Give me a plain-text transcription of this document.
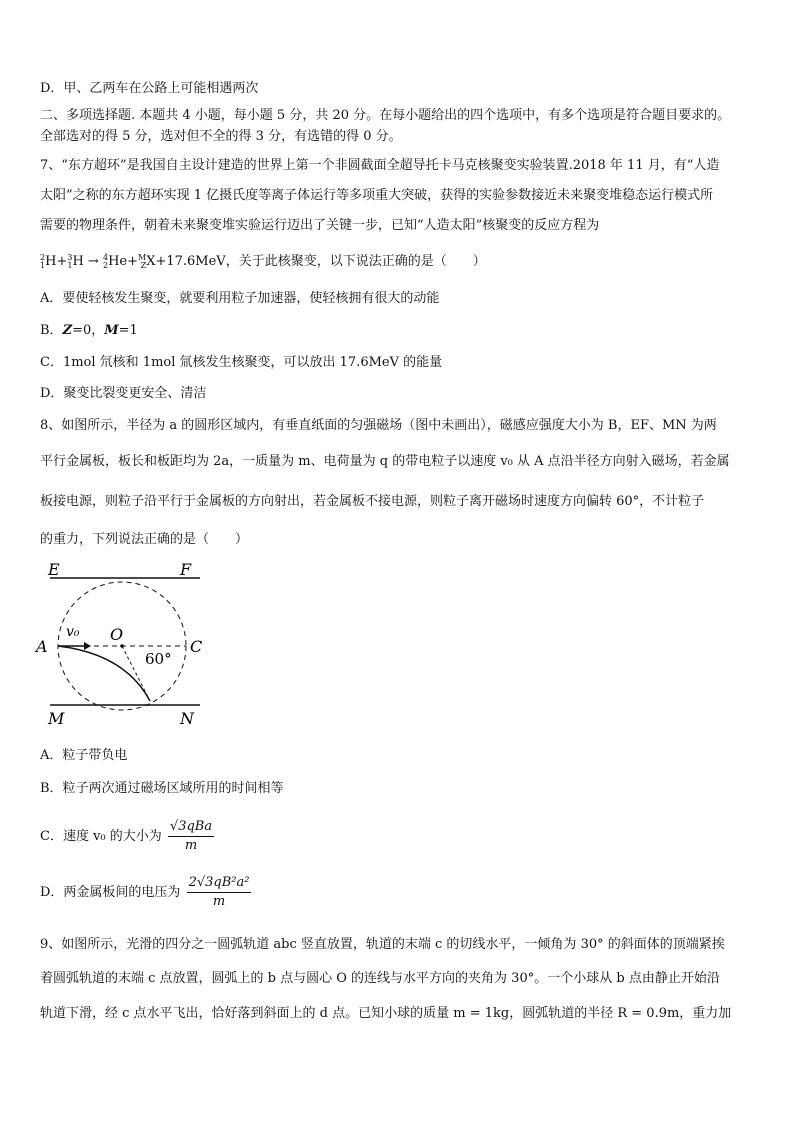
D．甲、乙两车在公路上可能相遇两次
二、多项选择题. 本题共 4 小题，每小题 5 分，共 20 分。在每小题给出的四个选项中，有多个选项是符合题目要求的。
全部选对的得 5 分，选对但不全的得 3 分，有选错的得 0 分。
7、“东方超环”是我国自主设计建造的世界上第一个非圆截面全超导托卡马克核聚变实验装置.2018 年 11 月，有“人造
太阳”之称的东方超环实现 1 亿摄氏度等离子体运行等多项重大突破，获得的实验参数接近未来聚变堆稳态运行模式所
需要的物理条件，朝着未来聚变堆实验运行迈出了关键一步，已知“人造太阳”核聚变的反应方程为
2
1 H+ 3
1 H → 4
2 He+ M
Z X+17.6MeV，关于此核聚变，以下说法正确的是（　　）
A．要使轻核发生聚变，就要利用粒子加速器，使轻核拥有很大的动能
B．Z=0，M=1
C．1mol 氘核和 1mol 氚核发生核聚变，可以放出 17.6MeV 的能量
D．聚变比裂变更安全、清洁
8、如图所示，半径为 a 的圆形区域内，有垂直纸面的匀强磁场（图中未画出），磁感应强度大小为 B，EF、MN 为两
平行金属板，板长和板距均为 2a，一质量为 m、电荷量为 q 的带电粒子以速度 v₀ 从 A 点沿半径方向射入磁场，若金属
板接电源，则粒子沿平行于金属板的方向射出，若金属板不接电源，则粒子离开磁场时速度方向偏转 60°，不计粒子
的重力，下列说法正确的是（　　）
E	F
M	N
A
v₀ O
C
60°
A．粒子带负电
B．粒子两次通过磁场区域所用的时间相等
C．速度 v₀ 的大小为 $\frac{\text{√3qBa}}{m}$
D．两金属板间的电压为 $\frac{\text{2√3qB²a²}}{m}$
9、如图所示，光滑的四分之一圆弧轨道 abc 竖直放置，轨道的末端 c 的切线水平，一倾角为 30° 的斜面体的顶端紧挨
着圆弧轨道的末端 c 点放置，圆弧上的 b 点与圆心 O 的连线与水平方向的夹角为 30°。一个小球从 b 点由静止开始沿
轨道下滑，经 c 点水平飞出，恰好落到斜面上的 d 点。已知小球的质量 m = 1kg，圆弧轨道的半径 R = 0.9m，重力加
